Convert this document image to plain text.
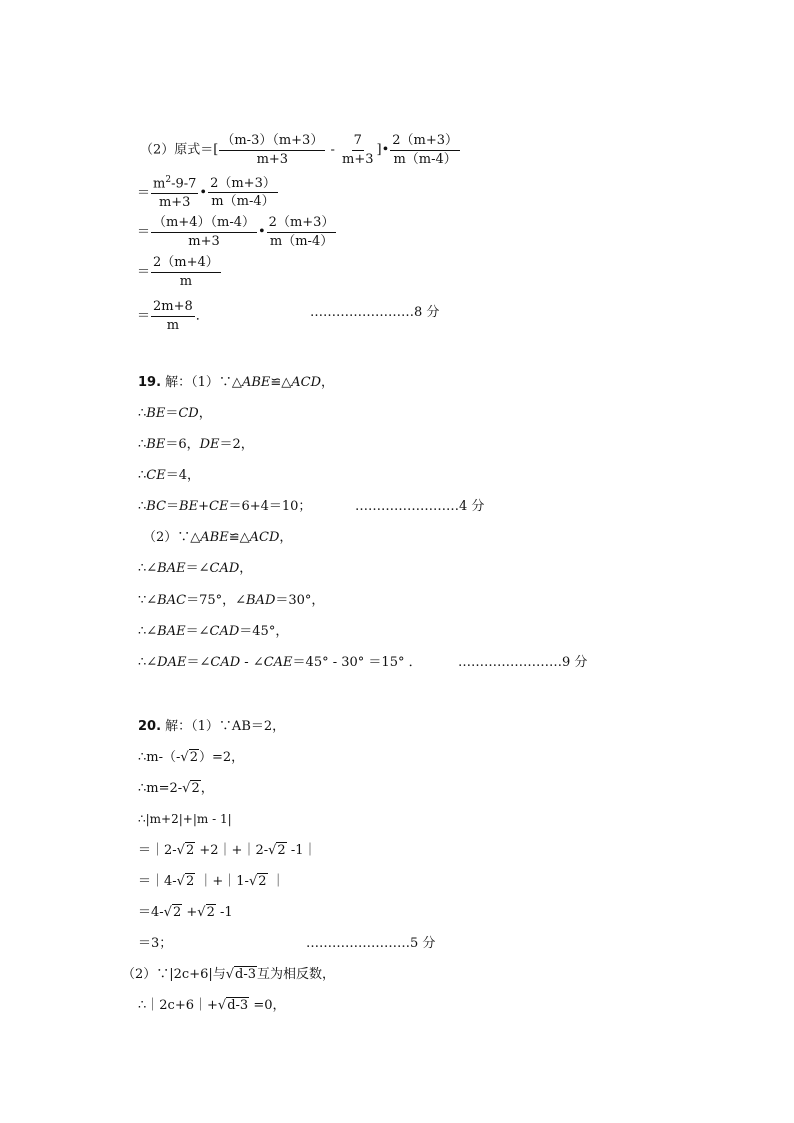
（2）原式＝[ $\frac{(m-3)(m+3)}{m+3} - \frac{7}{m+3}$ ]• $\frac{2(m+3)}{m(m-4)}$
＝ $\frac{m^2-9-7}{m+3}$ • $\frac{2(m+3)}{m(m-4)}$
＝ $\frac{(m+4)(m-4)}{m+3}$ • $\frac{2(m+3)}{m(m-4)}$
＝ $\frac{2(m+4)}{m}$
＝ $\frac{2m+8}{m}$ ．	……………………8 分
19. 解：（1）∵△ABE≌△ACD，
∴BE＝CD，
∴BE＝6，DE＝2，
∴CE＝4，
∴BC＝BE+CE＝6+4＝10；	……………………4 分
（2）∵△ABE≌△ACD，
∴∠BAE＝∠CAD，
∵∠BAC＝75°，∠BAD＝30°，
∴∠BAE＝∠CAD＝45°，
∴∠DAE＝∠CAD - ∠CAE＝45° - 30° ＝15° ．	……………………9 分
20. 解：（1）∵AB＝2，
∴m-（-√2）=2，
∴m=2-√2，
∴|m+2|+|m - 1|
＝｜2-√2 +2｜+｜2-√2 -1｜
＝｜4-√2 ｜+｜1-√2 ｜
＝4-√2 +√2 -1
＝3；	……………………5 分
（2）∵|2c+6|与√d-3互为相反数，
∴｜2c+6｜+√d-3 =0，
